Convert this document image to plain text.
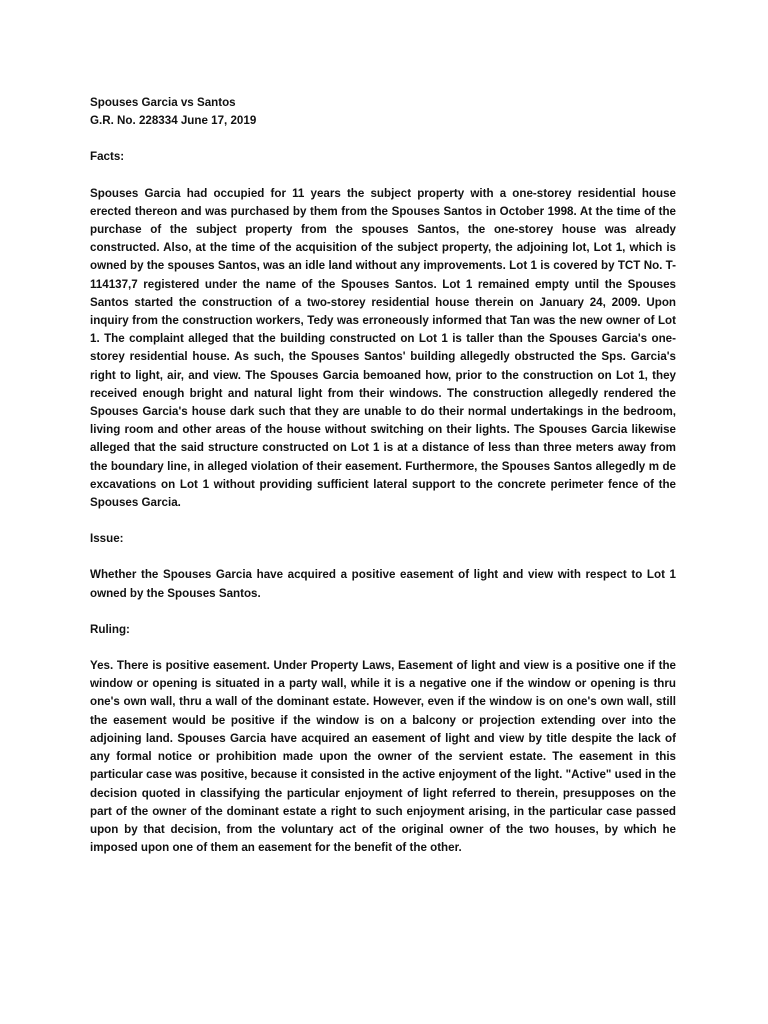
Spouses Garcia vs Santos

G.R. No. 228334 June 17, 2019

Facts:

Spouses Garcia had occupied for 11 years the subject property with a one-storey residential house erected thereon and was purchased by them from the Spouses Santos in October 1998. At the time of the purchase of the subject property from the spouses Santos, the one-storey house was already constructed. Also, at the time of the acquisition of the subject property, the adjoining lot, Lot 1, which is owned by the spouses Santos, was an idle land without any improvements. Lot 1 is covered by TCT No. T-114137,7 registered under the name of the Spouses Santos. Lot 1 remained empty until the Spouses Santos started the construction of a two-storey residential house therein on January 24, 2009. Upon inquiry from the construction workers, Tedy was erroneously informed that Tan was the new owner of Lot 1. The complaint alleged that the building constructed on Lot 1 is taller than the Spouses Garcia's one-storey residential house. As such, the Spouses Santos' building allegedly obstructed the Sps. Garcia's right to light, air, and view. The Spouses Garcia bemoaned how, prior to the construction on Lot 1, they received enough bright and natural light from their windows. The construction allegedly rendered the Spouses Garcia's house dark such that they are unable to do their normal undertakings in the bedroom, living room and other areas of the house without switching on their lights. The Spouses Garcia likewise alleged that the said structure constructed on Lot 1 is at a distance of less than three meters away from the boundary line, in alleged violation of their easement. Furthermore, the Spouses Santos allegedly m de excavations on Lot 1 without providing sufficient lateral support to the concrete perimeter fence of the Spouses Garcia.

Issue:

Whether the Spouses Garcia have acquired a positive easement of light and view with respect to Lot 1 owned by the Spouses Santos.

Ruling:

Yes. There is positive easement. Under Property Laws, Easement of light and view is a positive one if the window or opening is situated in a party wall, while it is a negative one if the window or opening is thru one's own wall, thru a wall of the dominant estate. However, even if the window is on one's own wall, still the easement would be positive if the window is on a balcony or projection extending over into the adjoining land. Spouses Garcia have acquired an easement of light and view by title despite the lack of any formal notice or prohibition made upon the owner of the servient estate. The easement in this particular case was positive, because it consisted in the active enjoyment of the light. "Active" used in the decision quoted in classifying the particular enjoyment of light referred to therein, presupposes on the part of the owner of the dominant estate a right to such enjoyment arising, in the particular case passed upon by that decision, from the voluntary act of the original owner of the two houses, by which he imposed upon one of them an easement for the benefit of the other.
